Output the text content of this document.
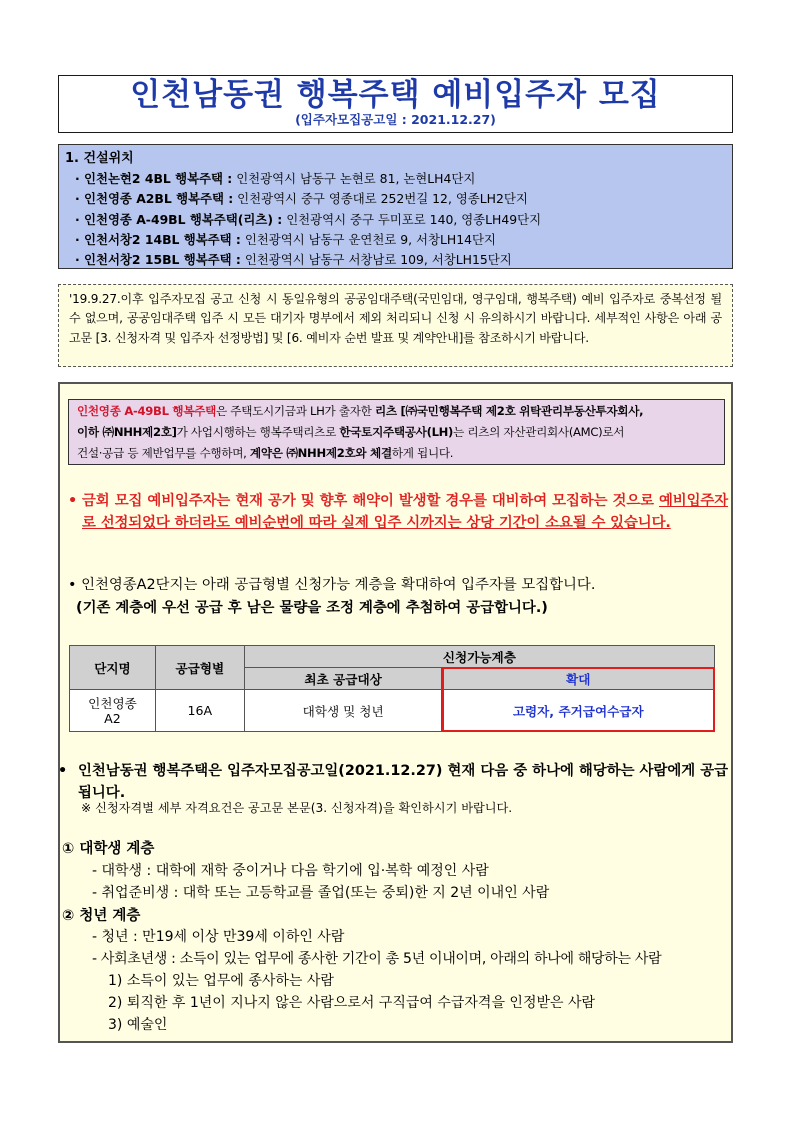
인천남동권 행복주택 예비입주자 모집
(입주자모집공고일 : 2021.12.27)
1. 건설위치
· 인천논현2 4BL 행복주택 : 인천광역시 남동구 논현로 81, 논현LH4단지
· 인천영종 A2BL 행복주택 : 인천광역시 중구 영종대로 252번길 12, 영종LH2단지
· 인천영종 A-49BL 행복주택(리츠) : 인천광역시 중구 두미포로 140, 영종LH49단지
· 인천서창2 14BL 행복주택 : 인천광역시 남동구 운연천로 9, 서창LH14단지
· 인천서창2 15BL 행복주택 : 인천광역시 남동구 서창남로 109, 서창LH15단지
'19.9.27.이후 입주자모집 공고 신청 시 동일유형의 공공임대주택(국민임대, 영구임대, 행복주택) 예비 입주자로 중복선정 될 수 없으며, 공공임대주택 입주 시 모든 대기자 명부에서 제외 처리되니 신청 시 유의하시기 바랍니다. 세부적인 사항은 아래 공고문 [3. 신청자격 및 입주자 선정방법] 및 [6. 예비자 순번 발표 및 계약안내]를 참조하시기 바랍니다.
인천영종 A-49BL 행복주택은 주택도시기금과 LH가 출자한 리츠 [㈜국민행복주택 제2호 위탁관리부동산투자회사,
이하 ㈜NHH제2호]가 사업시행하는 행복주택리츠로 한국토지주택공사(LH)는 리츠의 자산관리회사(AMC)로서
건설·공급 등 제반업무를 수행하며, 계약은 ㈜NHH제2호와 체결하게 됩니다.
• 금회 모집 예비입주자는 현재 공가 및 향후 해약이 발생할 경우를 대비하여 모집하는 것으로 예비입주자로 선정되었다 하더라도 예비순번에 따라 실제 입주 시까지는 상당 기간이 소요될 수 있습니다.
• 인천영종A2단지는 아래 공급형별 신청가능 계층을 확대하여 입주자를 모집합니다.
(기존 계층에 우선 공급 후 남은 물량을 조정 계층에 추첨하여 공급합니다.)
단지명	공급형별	신청가능계층	
		최초 공급대상	확대
인천영종 A2	16A	대학생 및 청년	고령자, 주거급여수급자
• 인천남동권 행복주택은 입주자모집공고일(2021.12.27) 현재 다음 중 하나에 해당하는 사람에게 공급됩니다.
※ 신청자격별 세부 자격요건은 공고문 본문(3. 신청자격)을 확인하시기 바랍니다.
① 대학생 계층
- 대학생 : 대학에 재학 중이거나 다음 학기에 입·복학 예정인 사람
- 취업준비생 : 대학 또는 고등학교를 졸업(또는 중퇴)한 지 2년 이내인 사람
② 청년 계층
- 청년 : 만19세 이상 만39세 이하인 사람
- 사회초년생 : 소득이 있는 업무에 종사한 기간이 총 5년 이내이며, 아래의 하나에 해당하는 사람
1) 소득이 있는 업무에 종사하는 사람
2) 퇴직한 후 1년이 지나지 않은 사람으로서 구직급여 수급자격을 인정받은 사람
3) 예술인
